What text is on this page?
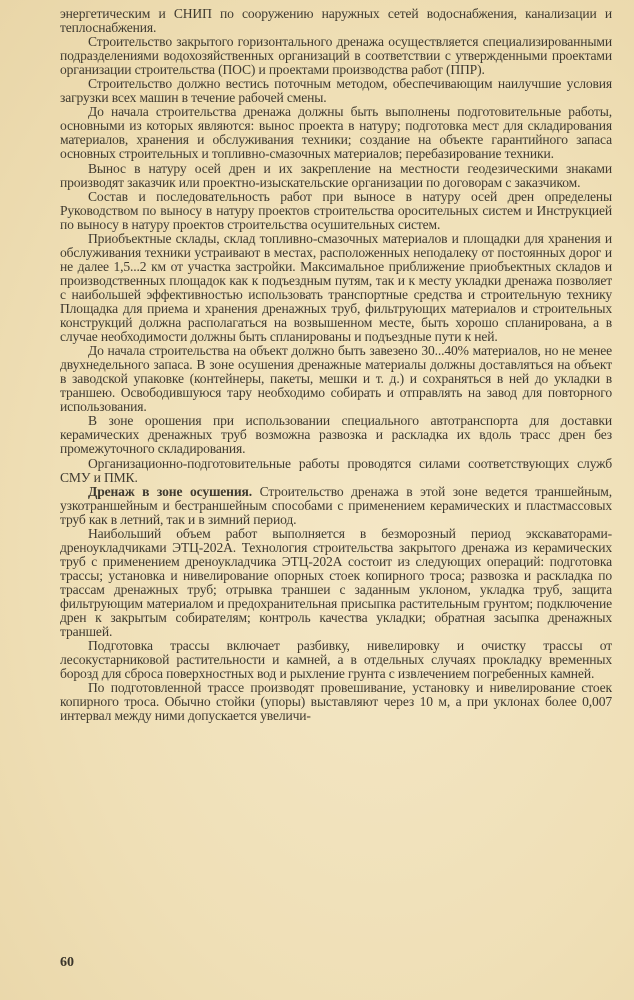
энергетическим и СНИП по сооружению наружных сетей водоснабжения, канализации и теплоснабжения.

Строительство закрытого горизонтального дренажа осуществляется специализированными подразделениями водохозяйственных организаций в соответствии с утвержденными проектами организации строительства (ПОС) и проектами производства работ (ППР).

Строительство должно вестись поточным методом, обеспечивающим наилучшие условия загрузки всех машин в течение рабочей смены.

До начала строительства дренажа должны быть выполнены подготовительные работы, основными из которых являются: вынос проекта в натуру; подготовка мест для складирования материалов, хранения и обслуживания техники; создание на объекте гарантийного запаса основных строительных и топливно-смазочных материалов; перебазирование техники.

Вынос в натуру осей дрен и их закрепление на местности геодезическими знаками производят заказчик или проектно-изыскательские организации по договорам с заказчиком.

Состав и последовательность работ при выносе в натуру осей дрен определены Руководством по выносу в натуру проектов строительства оросительных систем и Инструкцией по выносу в натуру проектов строительства осушительных систем.

Приобъектные склады, склад топливно-смазочных материалов и площадки для хранения и обслуживания техники устраивают в местах, расположенных неподалеку от постоянных дорог и не далее 1,5...2 км от участка застройки. Максимальное приближение приобъектных складов и производственных площадок как к подъездным путям, так и к месту укладки дренажа позволяет с наибольшей эффективностью использовать транспортные средства и строительную технику Площадка для приема и хранения дренажных труб, фильтрующих материалов и строительных конструкций должна располагаться на возвышенном месте, быть хорошо спланирована, а в случае необходимости должны быть спланированы и подъездные пути к ней.

До начала строительства на объект должно быть завезено 30...40% материалов, но не менее двухнедельного запаса. В зоне осушения дренажные материалы должны доставляться на объект в заводской упаковке (контейнеры, пакеты, мешки и т. д.) и сохраняться в ней до укладки в траншею. Освободившуюся тару необходимо собирать и отправлять на завод для повторного использования.

В зоне орошения при использовании специального автотранспорта для доставки керамических дренажных труб возможна развозка и раскладка их вдоль трасс дрен без промежуточного складирования.

Организационно-подготовительные работы проводятся силами соответствующих служб СМУ и ПМК.

Дренаж в зоне осушения. Строительство дренажа в этой зоне ведется траншейным, узкотраншейным и бестраншейным способами с применением керамических и пластмассовых труб как в летний, так и в зимний период.

Наибольший объем работ выполняется в безморозный период экскаваторами-дреноукладчиками ЭТЦ-202А. Технология строительства закрытого дренажа из керамических труб с применением дреноукладчика ЭТЦ-202А состоит из следующих операций: подготовка трассы; установка и нивелирование опорных стоек копирного троса; развозка и раскладка по трассам дренажных труб; отрывка траншеи с заданным уклоном, укладка труб, защита фильтрующим материалом и предохранительная присыпка растительным грунтом; подключение дрен к закрытым собирателям; контроль качества укладки; обратная засыпка дренажных траншей.

Подготовка трассы включает разбивку, нивелировку и очистку трассы от лесокустарниковой растительности и камней, а в отдельных случаях прокладку временных борозд для сброса поверхностных вод и рыхление грунта с извлечением погребенных камней.

По подготовленной трассе производят провешивание, установку и нивелирование стоек копирного троса. Обычно стойки (упоры) выставляют через 10 м, а при уклонах более 0,007 интервал между ними допускается увеличи-

60
